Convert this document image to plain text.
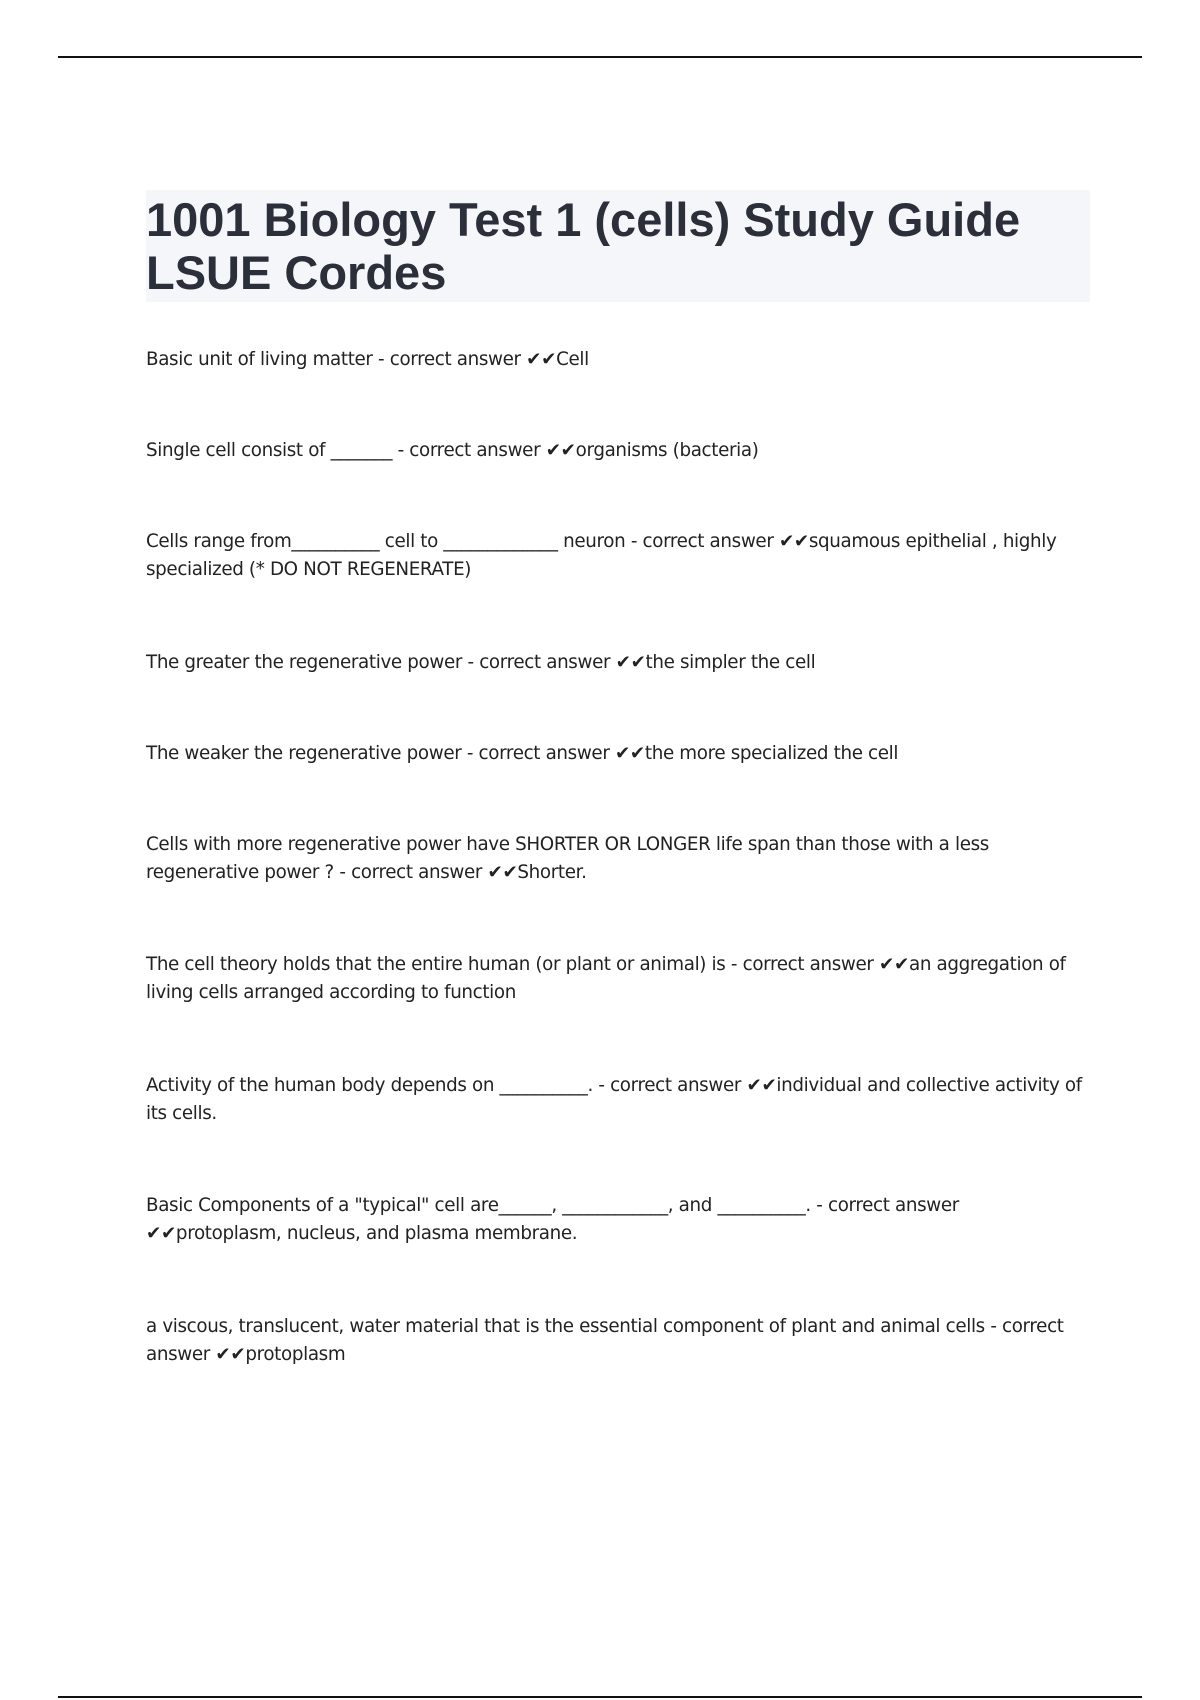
1001 Biology Test 1 (cells) Study Guide
LSUE Cordes
Basic unit of living matter - correct answer ✔✔Cell
Single cell consist of _______ - correct answer ✔✔organisms (bacteria)
Cells range from__________ cell to _____________ neuron - correct answer ✔✔squamous epithelial , highly specialized (* DO NOT REGENERATE)
The greater the regenerative power - correct answer ✔✔the simpler the cell
The weaker the regenerative power - correct answer ✔✔the more specialized the cell
Cells with more regenerative power have SHORTER OR LONGER life span than those with a less regenerative power ? - correct answer ✔✔Shorter.
The cell theory holds that the entire human (or plant or animal) is - correct answer ✔✔an aggregation of living cells arranged according to function
Activity of the human body depends on __________. - correct answer ✔✔individual and collective activity of its cells.
Basic Components of a "typical" cell are______, ____________, and __________. - correct answer ✔✔protoplasm, nucleus, and plasma membrane.
a viscous, translucent, water material that is the essential component of plant and animal cells - correct answer ✔✔protoplasm
